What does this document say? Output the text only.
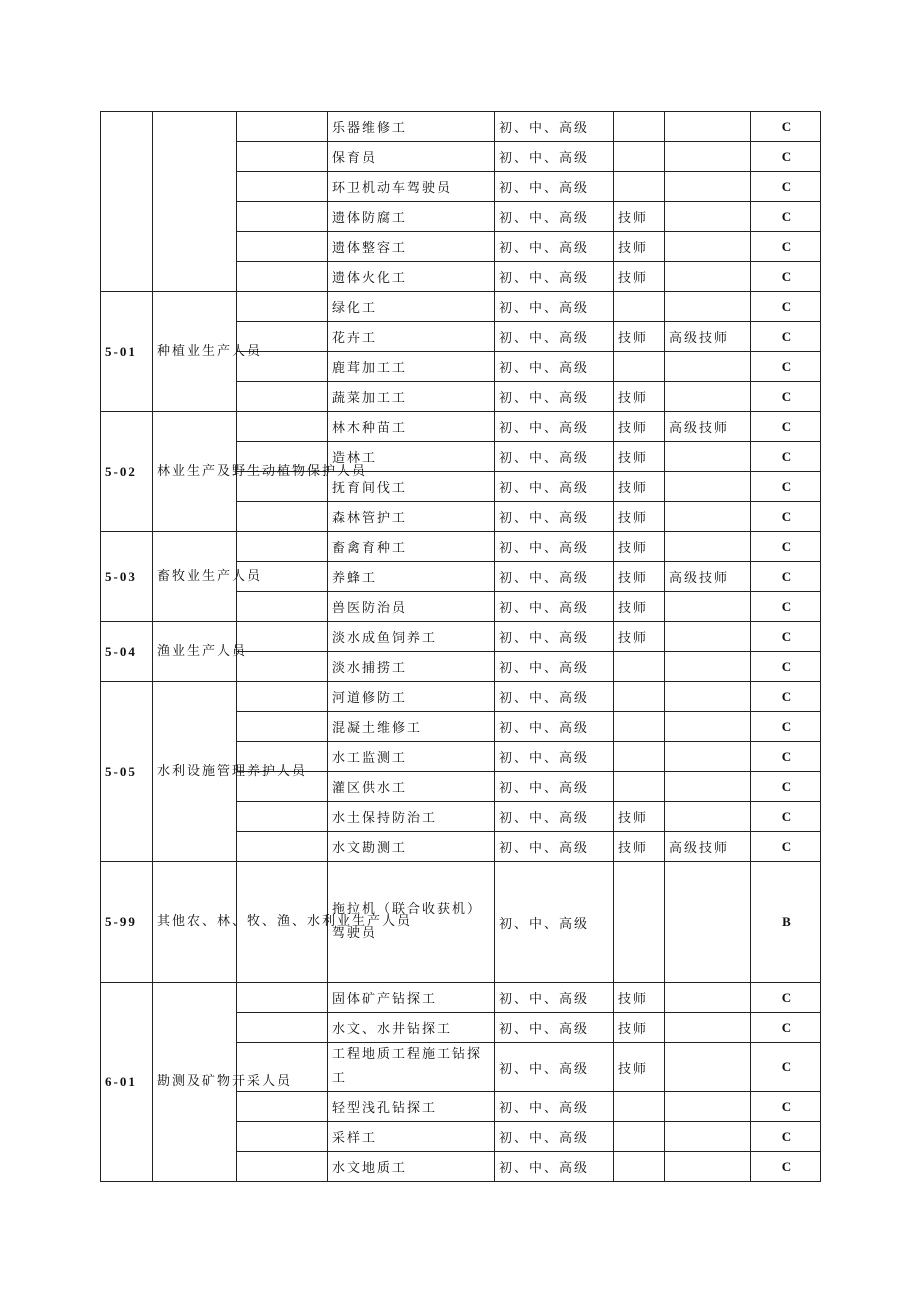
			乐器维修工	初、中、高级			C
			保育员	初、中、高级			C
			环卫机动车驾驶员	初、中、高级			C
			遗体防腐工	初、中、高级	技师		C
			遗体整容工	初、中、高级	技师		C
			遗体火化工	初、中、高级	技师		C
5-01	种植业生产人员		绿化工	初、中、高级			C
			花卉工	初、中、高级	技师	高级技师	C
			鹿茸加工工	初、中、高级			C
			蔬菜加工工	初、中、高级	技师		C
5-02	林业生产及野生动植物保护人员		林木种苗工	初、中、高级	技师	高级技师	C
			造林工	初、中、高级	技师		C
			抚育间伐工	初、中、高级	技师		C
			森林管护工	初、中、高级	技师		C
5-03	畜牧业生产人员		畜禽育种工	初、中、高级	技师		C
			养蜂工	初、中、高级	技师	高级技师	C
			兽医防治员	初、中、高级	技师		C
5-04	渔业生产人员		淡水成鱼饲养工	初、中、高级	技师		C
			淡水捕捞工	初、中、高级			C
5-05	水利设施管理养护人员		河道修防工	初、中、高级			C
			混凝土维修工	初、中、高级			C
			水工监测工	初、中、高级			C
			灌区供水工	初、中、高级			C
			水土保持防治工	初、中、高级	技师		C
			水文勘测工	初、中、高级	技师	高级技师	C
5-99	其他农、林、牧、渔、水利业生产人员		拖拉机（联合收获机）驾驶员	初、中、高级			B
6-01	勘测及矿物开采人员		固体矿产钻探工	初、中、高级	技师		C
			水文、水井钻探工	初、中、高级	技师		C
			工程地质工程施工钻探工	初、中、高级	技师		C
			轻型浅孔钻探工	初、中、高级			C
			采样工	初、中、高级			C
			水文地质工	初、中、高级			C
